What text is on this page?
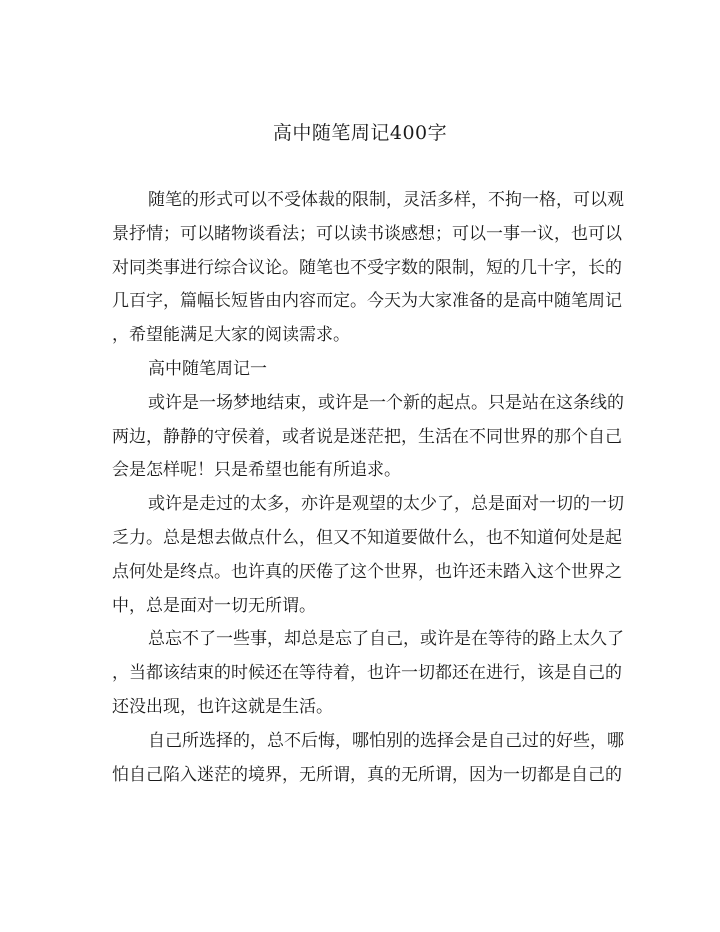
高中随笔周记400字
随笔的形式可以不受体裁的限制，灵活多样，不拘一格，可以观
景抒情；可以睹物谈看法；可以读书谈感想；可以一事一议，也可以
对同类事进行综合议论。随笔也不受字数的限制，短的几十字，长的
几百字，篇幅长短皆由内容而定。今天为大家准备的是高中随笔周记
，希望能满足大家的阅读需求。
高中随笔周记一
或许是一场梦地结束，或许是一个新的起点。只是站在这条线的
两边，静静的守侯着，或者说是迷茫把，生活在不同世界的那个自己
会是怎样呢！只是希望也能有所追求。
或许是走过的太多，亦许是观望的太少了，总是面对一切的一切
乏力。总是想去做点什么，但又不知道要做什么，也不知道何处是起
点何处是终点。也许真的厌倦了这个世界，也许还未踏入这个世界之
中，总是面对一切无所谓。
总忘不了一些事，却总是忘了自己，或许是在等待的路上太久了
，当都该结束的时候还在等待着，也许一切都还在进行，该是自己的
还没出现，也许这就是生活。
自己所选择的，总不后悔，哪怕别的选择会是自己过的好些，哪
怕自己陷入迷茫的境界，无所谓，真的无所谓，因为一切都是自己的
